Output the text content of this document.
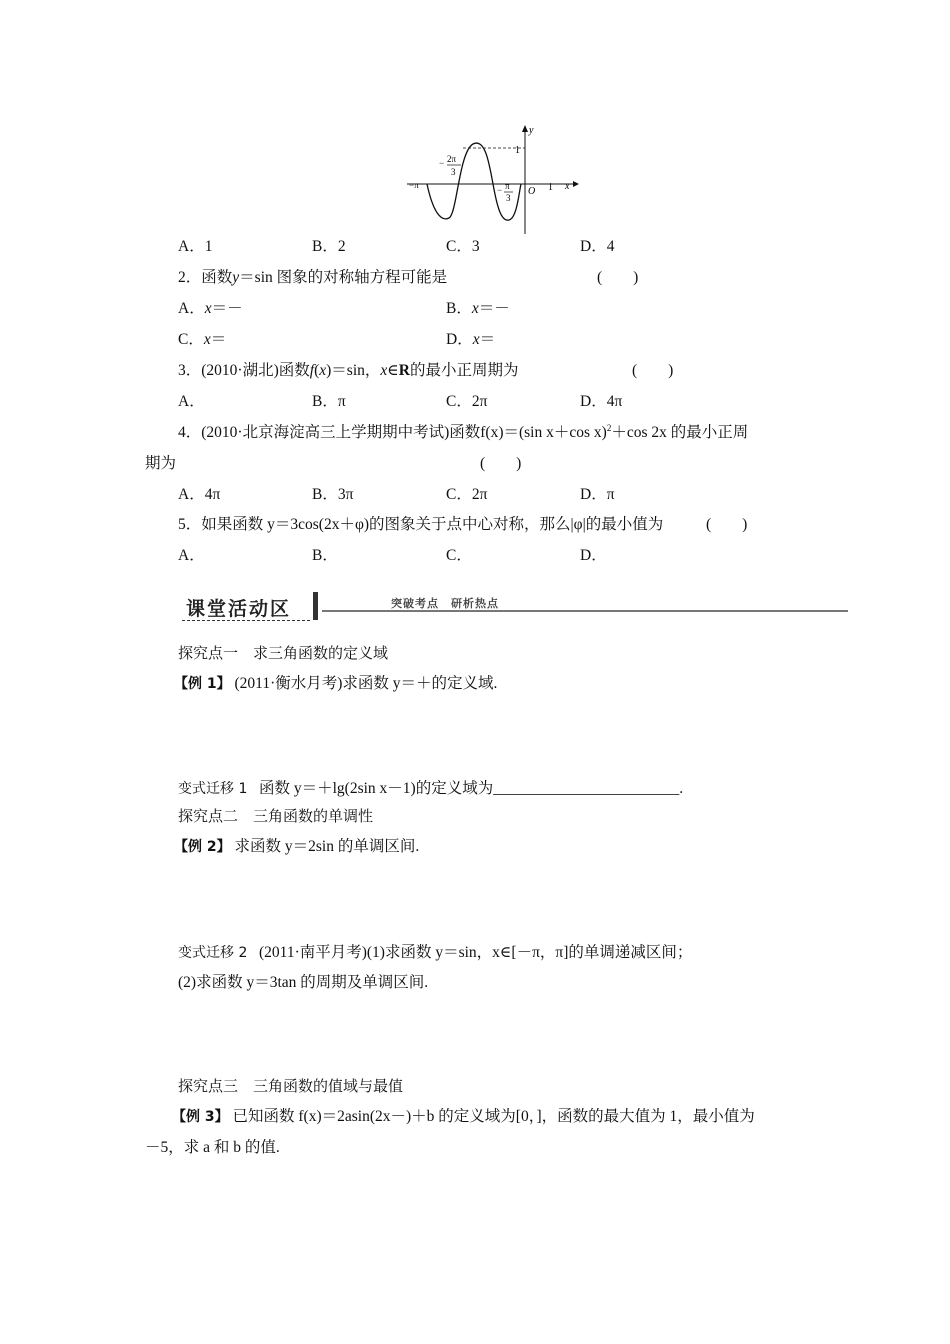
y
x
1
1
O
−π
− 2π
3
− π
3
A．1	B．2	C．3	D．4
2．函数y＝sin 图象的对称轴方程可能是	(　　)
A．x＝－	B．x＝－
C．x＝	D．x＝
3．(2010·湖北)函数f(x)＝sin，x∈R的最小正周期为	(　　)
A．	B．π	C．2π	D．4π
4．(2010·北京海淀高三上学期期中考试)函数f(x)＝(sin x＋cos x)$^2$＋cos 2x 的最小正周
期为	(　　)
A．4π	B．3π	C．2π	D．π
5．如果函数 y＝3cos(2x＋φ)的图象关于点中心对称，那么|φ|的最小值为	(　　)
A．	B．	C．	D．
课堂活动区	突破考点　研析热点
探究点一　求三角函数的定义域
【例 1】 (2011·衡水月考)求函数 y＝＋的定义域.
变式迁移 1 函数 y＝＋lg(2sin x－1)的定义域为________________________.
探究点二　三角函数的单调性
【例 2】 求函数 y＝2sin 的单调区间.
变式迁移 2 (2011·南平月考)(1)求函数 y＝sin，x∈[－π，π]的单调递减区间；
(2)求函数 y＝3tan 的周期及单调区间.
探究点三　三角函数的值域与最值
【例 3】 已知函数 f(x)＝2asin(2x－)＋b 的定义域为[0，]，函数的最大值为 1，最小值为
－5，求 a 和 b 的值.
